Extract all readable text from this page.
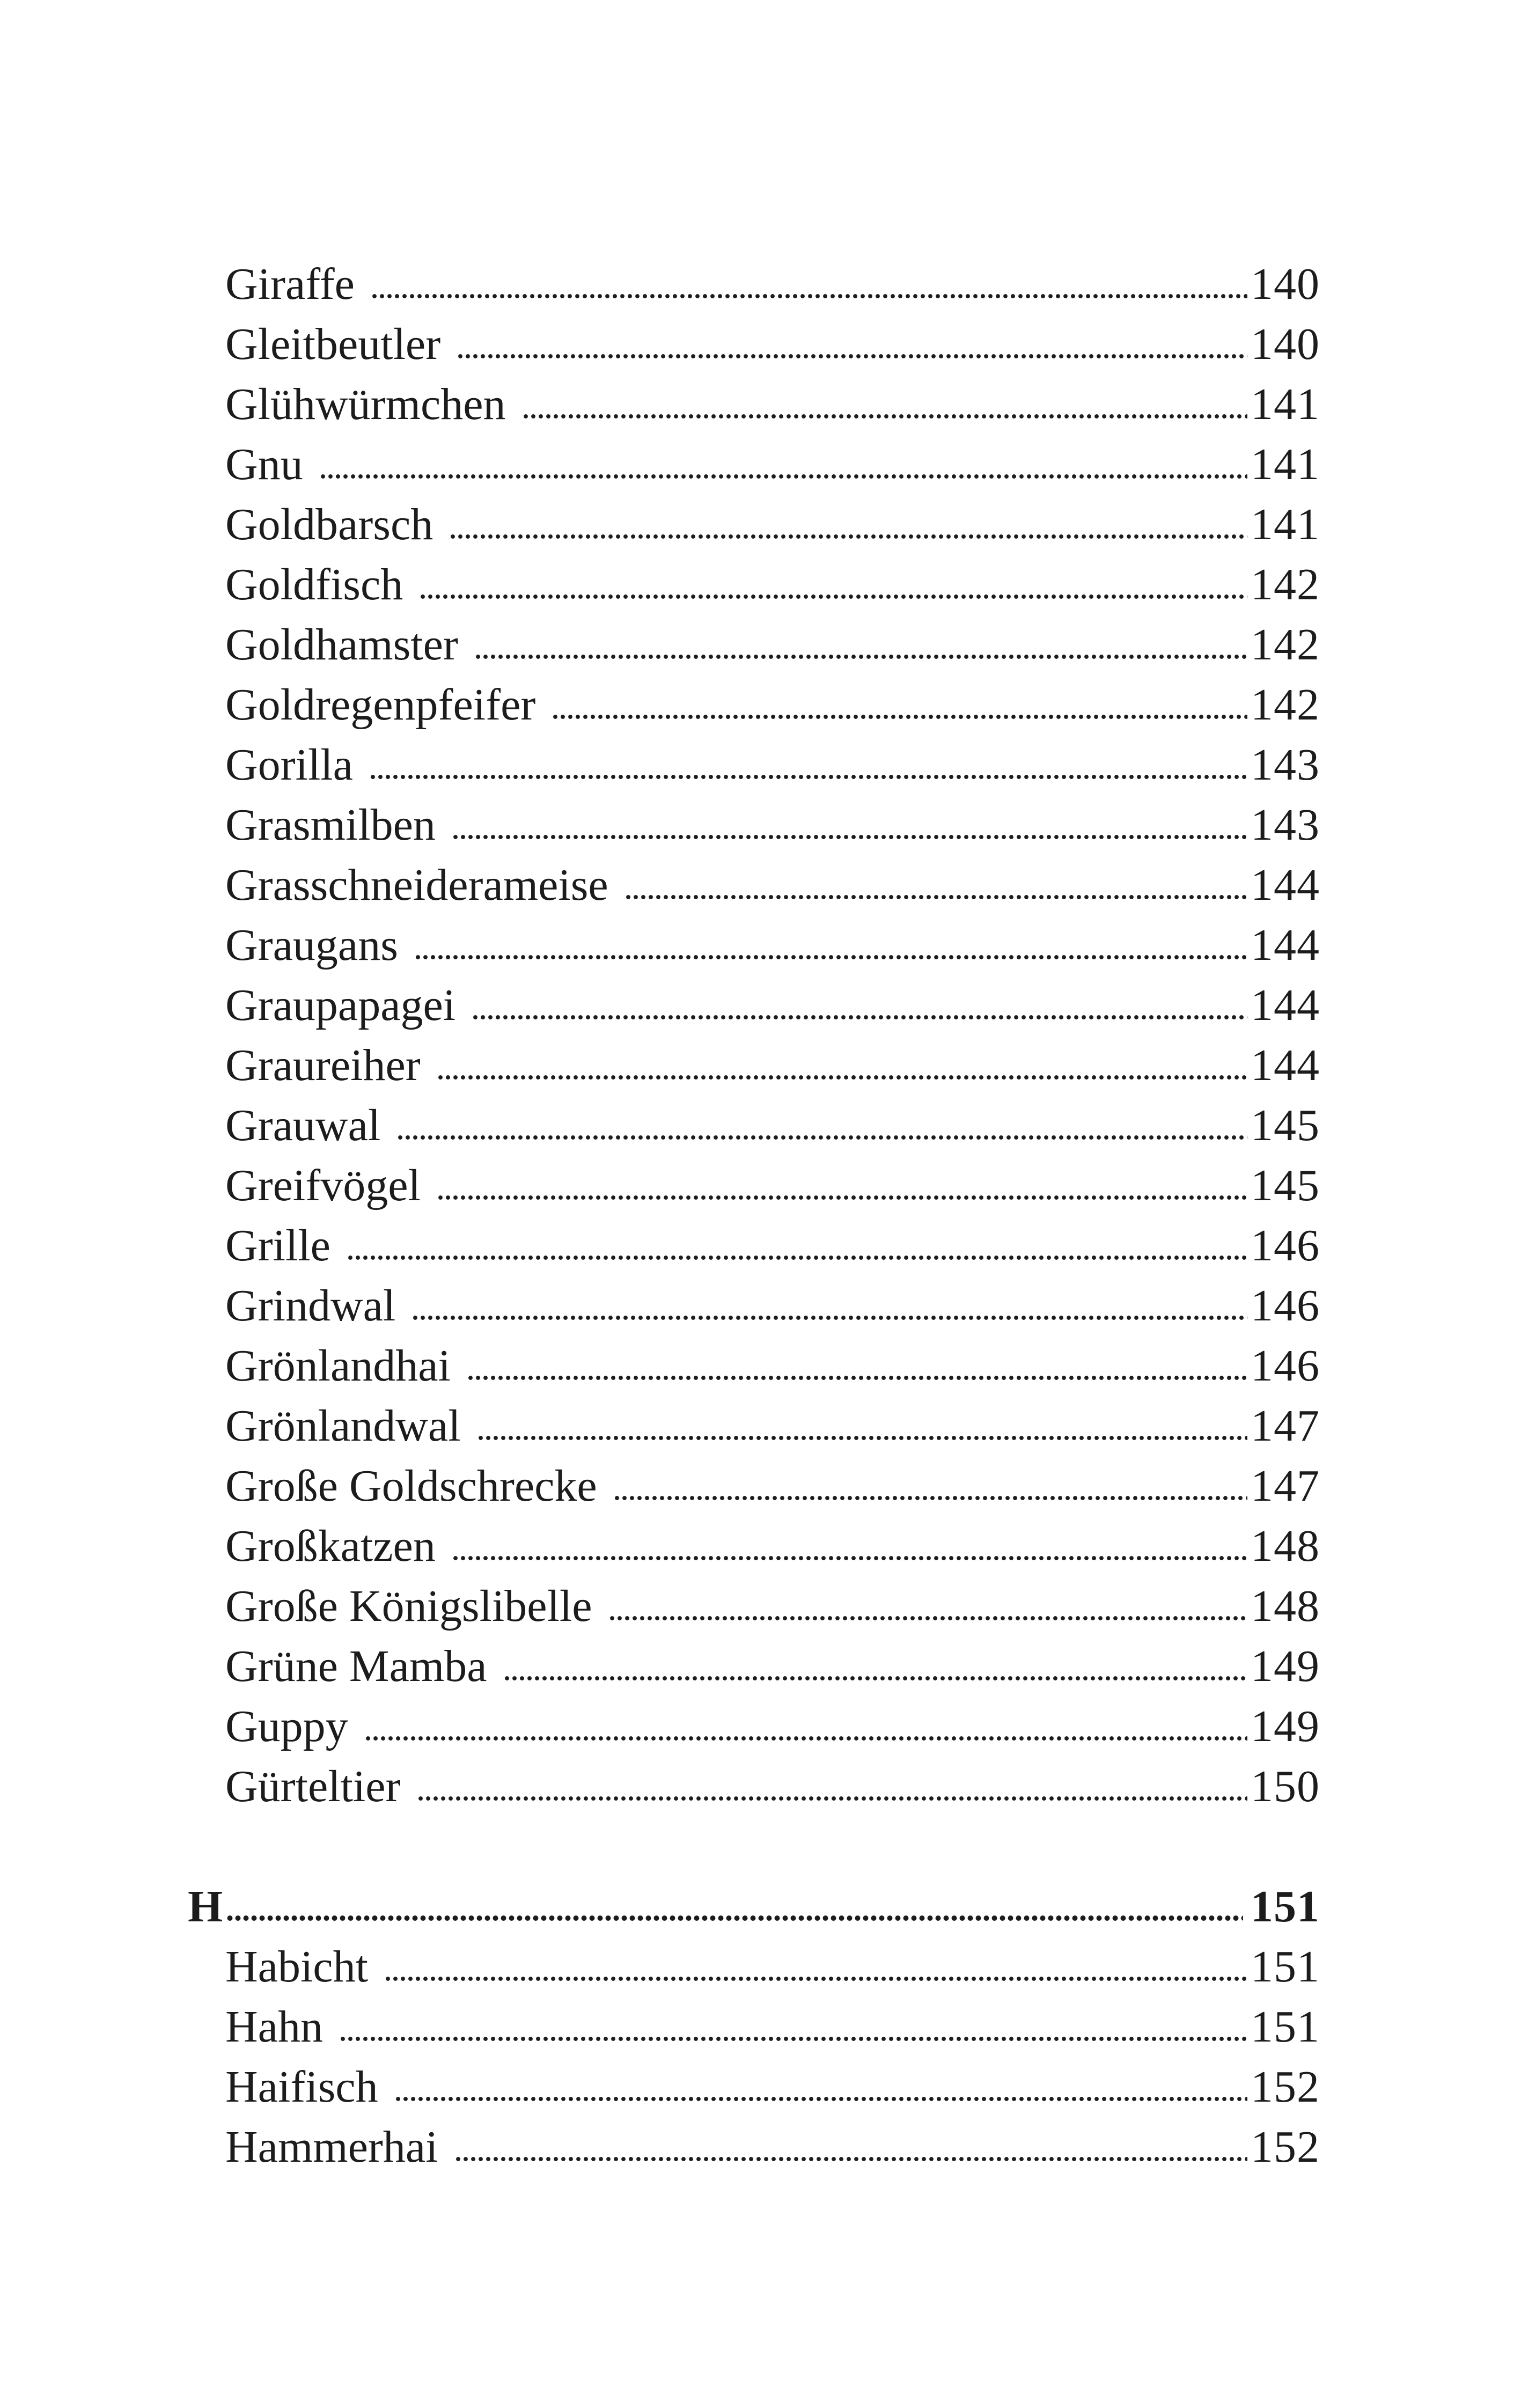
Giraffe	140
Gleitbeutler	140
Glühwürmchen	141
Gnu	141
Goldbarsch	141
Goldfisch	142
Goldhamster	142
Goldregenpfeifer	142
Gorilla	143
Grasmilben	143
Grasschneiderameise	144
Graugans	144
Graupapagei	144
Graureiher	144
Grauwal	145
Greifvögel	145
Grille	146
Grindwal	146
Grönlandhai	146
Grönlandwal	147
Große Goldschrecke	147
Großkatzen	148
Große Königslibelle	148
Grüne Mamba	149
Guppy	149
Gürteltier	150
H	151
Habicht	151
Hahn	151
Haifisch	152
Hammerhai	152
